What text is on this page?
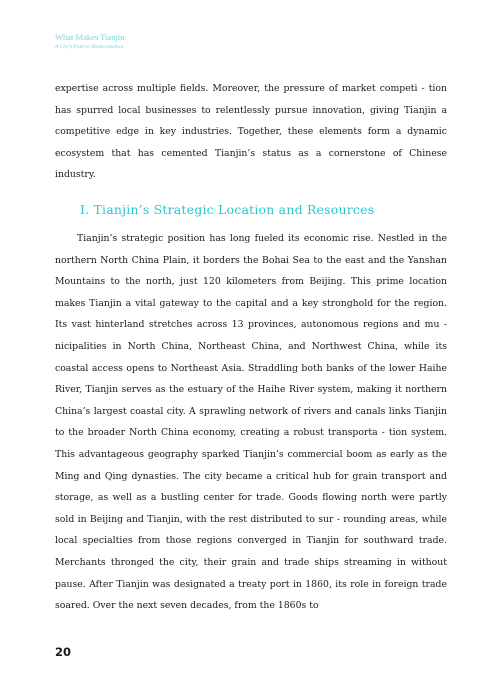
What Makes Tianjin
A City's Path to Modernization

expertise across multiple fields. Moreover, the pressure of market competi - tion has spurred local businesses to relentlessly pursue innovation, giving Tianjin a competitive edge in key industries. Together, these elements form a dynamic ecosystem that has cemented Tianjin’s status as a cornerstone of Chinese industry.

Ⅰ. Tianjin’s Strategic Location and Resources

Tianjin’s strategic position has long fueled its economic rise. Nestled in the northern North China Plain, it borders the Bohai Sea to the east and the Yanshan Mountains to the north, just 120 kilometers from Beijing. This prime location makes Tianjin a vital gateway to the capital and a key stronghold for the region. Its vast hinterland stretches across 13 provinces, autonomous regions and mu - nicipalities in North China, Northeast China, and Northwest China, while its coastal access opens to Northeast Asia. Straddling both banks of the lower Haihe River, Tianjin serves as the estuary of the Haihe River system, making it northern China’s largest coastal city. A sprawling network of rivers and canals links Tianjin to the broader North China economy, creating a robust transporta - tion system. This advantageous geography sparked Tianjin’s commercial boom as early as the Ming and Qing dynasties. The city became a critical hub for grain transport and storage, as well as a bustling center for trade. Goods flowing north were partly sold in Beijing and Tianjin, with the rest distributed to sur - rounding areas, while local specialties from those regions converged in Tianjin for southward trade. Merchants thronged the city, their grain and trade ships streaming in without pause. After Tianjin was designated a treaty port in 1860, its role in foreign trade soared. Over the next seven decades, from the 1860s to

20
